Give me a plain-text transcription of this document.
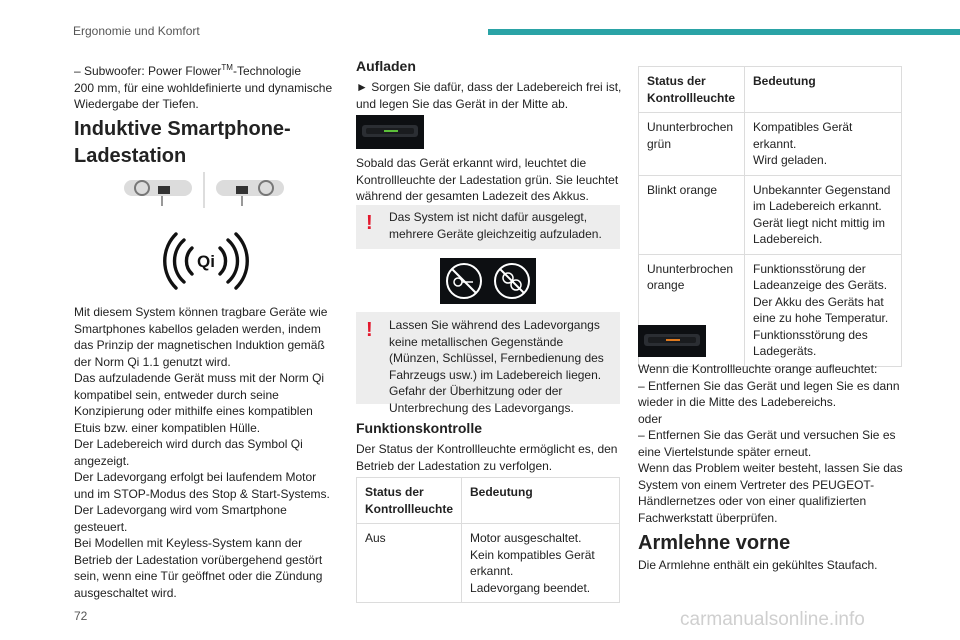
Ergonomie und Komfort
– Subwoofer: Power Flower™-Technologie
200 mm, für eine wohldefinierte und dynamische Wiedergabe der Tiefen.
Induktive Smartphone-Ladestation
Qi
Mit diesem System können tragbare Geräte wie Smartphones kabellos geladen werden, indem das Prinzip der magnetischen Induktion gemäß der Norm Qi 1.1 genutzt wird.
Das aufzuladende Gerät muss mit der Norm Qi kompatibel sein, entweder durch seine Konzipierung oder mithilfe eines kompatiblen Etuis bzw. einer kompatiblen Hülle.
Der Ladebereich wird durch das Symbol Qi angezeigt.
Der Ladevorgang erfolgt bei laufendem Motor und im STOP-Modus des Stop & Start-Systems.
Der Ladevorgang wird vom Smartphone gesteuert.
Bei Modellen mit Keyless-System kann der Betrieb der Ladestation vorübergehend gestört sein, wenn eine Tür geöffnet oder die Zündung ausgeschaltet wird.
Aufladen
► Sorgen Sie dafür, dass der Ladebereich frei ist, und legen Sie das Gerät in der Mitte ab.
Sobald das Gerät erkannt wird, leuchtet die Kontrollleuchte der Ladestation grün. Sie leuchtet während der gesamten Ladezeit des Akkus.
! Das System ist nicht dafür ausgelegt, mehrere Geräte gleichzeitig aufzuladen.
! Lassen Sie während des Ladevorgangs keine metallischen Gegenstände (Münzen, Schlüssel, Fernbedienung des Fahrzeugs usw.) im Ladebereich liegen. Gefahr der Überhitzung oder der Unterbrechung des Ladevorgangs.
Funktionskontrolle
Der Status der Kontrollleuchte ermöglicht es, den Betrieb der Ladestation zu verfolgen.
Status der Kontrollleuchte	Bedeutung
Aus	Motor ausgeschaltet.
Kein kompatibles Gerät erkannt.
Ladevorgang beendet.
Status der Kontrollleuchte	Bedeutung
Ununterbrochen grün	Kompatibles Gerät erkannt.
Wird geladen.
Blinkt orange	Unbekannter Gegenstand im Ladebereich erkannt.
Gerät liegt nicht mittig im Ladebereich.
Ununterbrochen orange	Funktionsstörung der Ladeanzeige des Geräts.
Der Akku des Geräts hat eine zu hohe Temperatur.
Funktionsstörung des Ladegeräts.
Wenn die Kontrollleuchte orange aufleuchtet:
– Entfernen Sie das Gerät und legen Sie es dann wieder in die Mitte des Ladebereichs.
oder
– Entfernen Sie das Gerät und versuchen Sie es eine Viertelstunde später erneut.
Wenn das Problem weiter besteht, lassen Sie das System von einem Vertreter des PEUGEOT-Händlernetzes oder von einer qualifizierten Fachwerkstatt überprüfen.
Armlehne vorne
Die Armlehne enthält ein gekühltes Staufach.
72	carmanualsonline.info
